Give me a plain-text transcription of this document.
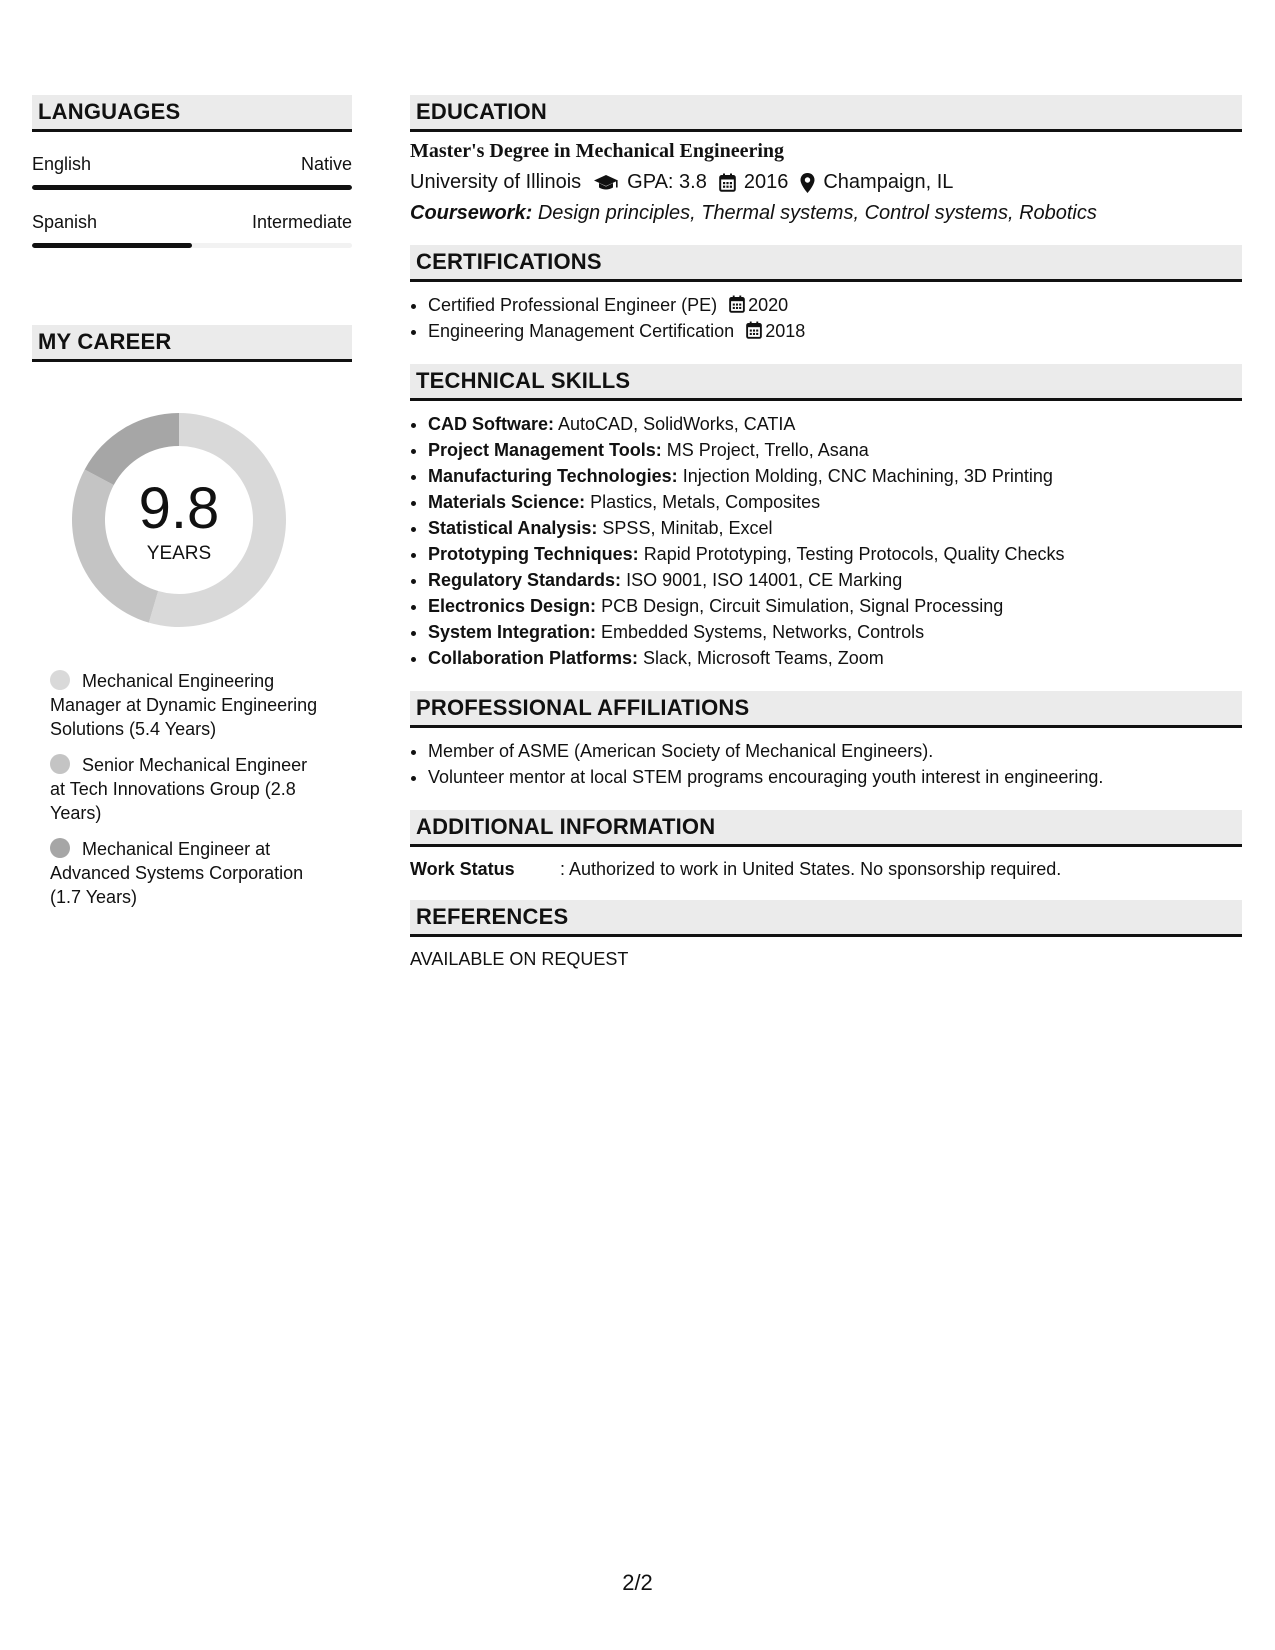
LANGUAGES
English	Native
Spanish	Intermediate
MY CAREER
9.8
YEARS
Mechanical Engineering Manager at Dynamic Engineering Solutions (5.4 Years)
Senior Mechanical Engineer at Tech Innovations Group (2.8 Years)
Mechanical Engineer at Advanced Systems Corporation (1.7 Years)
EDUCATION
Master's Degree in Mechanical Engineering
University of Illinois GPA: 3.8 2016 Champaign, IL
Coursework: Design principles, Thermal systems, Control systems, Robotics
CERTIFICATIONS
• Certified Professional Engineer (PE) 2020
• Engineering Management Certification 2018
TECHNICAL SKILLS
• CAD Software: AutoCAD, SolidWorks, CATIA
• Project Management Tools: MS Project, Trello, Asana
• Manufacturing Technologies: Injection Molding, CNC Machining, 3D Printing
• Materials Science: Plastics, Metals, Composites
• Statistical Analysis: SPSS, Minitab, Excel
• Prototyping Techniques: Rapid Prototyping, Testing Protocols, Quality Checks
• Regulatory Standards: ISO 9001, ISO 14001, CE Marking
• Electronics Design: PCB Design, Circuit Simulation, Signal Processing
• System Integration: Embedded Systems, Networks, Controls
• Collaboration Platforms: Slack, Microsoft Teams, Zoom
PROFESSIONAL AFFILIATIONS
• Member of ASME (American Society of Mechanical Engineers).
• Volunteer mentor at local STEM programs encouraging youth interest in engineering.
ADDITIONAL INFORMATION
Work Status	: Authorized to work in United States. No sponsorship required.
REFERENCES
AVAILABLE ON REQUEST
2/2
